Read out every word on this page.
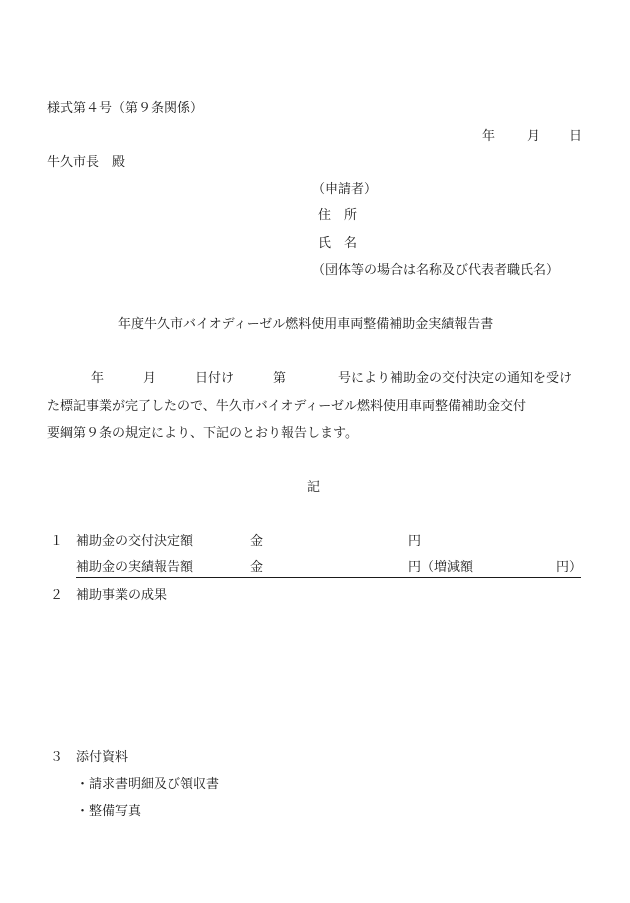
様式第４号（第９条関係）
年 月 日
牛久市長　殿
（申請者）
住　所
氏　名
（団体等の場合は名称及び代表者職氏名）
年度牛久市バイオディーゼル燃料使用車両整備補助金実績報告書
年　　　月　　　日付け　　　第　　　　号により補助金の交付決定の通知を受け
た標記事業が完了したので、牛久市バイオディーゼル燃料使用車両整備補助金交付
要綱第９条の規定により、下記のとおり報告します。
記
１ 補助金の交付決定額	金	円
補助金の実績報告額	金	円（増減額	円）
２ 補助事業の成果
３ 添付資料
・請求書明細及び領収書
・整備写真
